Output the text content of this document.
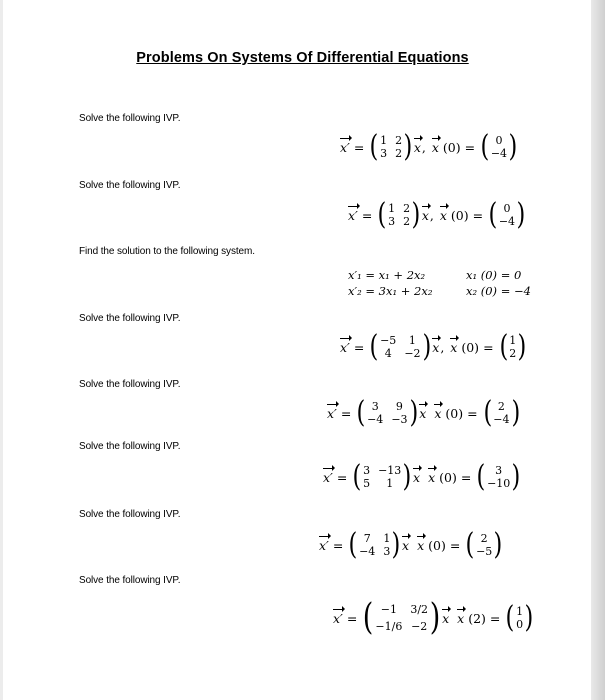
Problems On Systems Of Differential Equations
Solve the following IVP.
x′ = ( 1 2
3 2 ) x , x ( 0 ) = ( 0
−4 )
Solve the following IVP.
x′ = ( 1 2
3 2 ) x , x ( 0 ) = ( 0
−4 )
Find the solution to the following system.
x′₁ = x₁ + 2x₂	x₁ (0) = 0
x′₂ = 3x₁ + 2x₂	x₂ (0) = −4
Solve the following IVP.
x′ = ( −5	1
4	−2 ) x , x ( 0 ) = ( 1
2 )
Solve the following IVP.
x′ = ( 3	9
−4 −3 ) x x ( 0 ) = ( 2
−4 )
Solve the following IVP.
x′ = ( 3 −13
5	1 ) x x ( 0 ) = ( 3
−10 )
Solve the following IVP.
x′ = ( 7	1
−4 3 ) x x ( 0 ) = ( 2
−5 )
Solve the following IVP.
x′ = ( −1	3/2
−1/6 −2 ) x x ( 2 ) = ( 1
0 )
